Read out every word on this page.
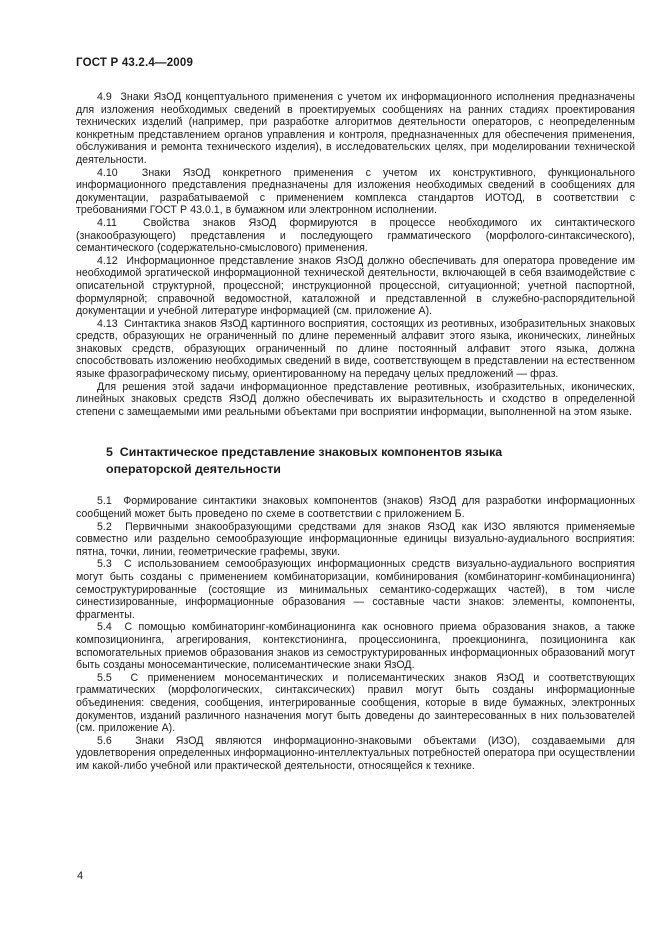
ГОСТ Р 43.2.4—2009

4.9  Знаки ЯзОД концептуального применения с учетом их информационного исполнения предназначены для изложения необходимых сведений в проектируемых сообщениях на ранних стадиях проектирования технических изделий (например, при разработке алгоритмов деятельности операторов, с неопределенным конкретным представлением органов управления и контроля, предназначенных для обеспечения применения, обслуживания и ремонта технического изделия), в исследовательских целях, при моделировании технической деятельности.

4.10  Знаки ЯзОД конкретного применения с учетом их конструктивного, функционального информационного представления предназначены для изложения необходимых сведений в сообщениях для документации, разрабатываемой с применением комплекса стандартов ИОТОД, в соответствии с требованиями ГОСТ Р 43.0.1, в бумажном или электронном исполнении.

4.11  Свойства знаков ЯзОД формируются в процессе необходимого их синтактического (знакообразующего) представления и последующего грамматического (морфолого-синтаксического), семантического (содержательно-смыслового) применения.

4.12  Информационное представление знаков ЯзОД должно обеспечивать для оператора проведение им необходимой эргатической информационной технической деятельности, включающей в себя взаимодействие с описательной структурной, процессной; инструкционной процессной, ситуационной; учетной паспортной, формулярной; справочной ведомостной, каталожной и представленной в служебно-распорядительной документации и учебной литературе информацией (см. приложение А).

4.13  Синтактика знаков ЯзОД картинного восприятия, состоящих из реотивных, изобразительных знаковых средств, образующих не ограниченный по длине переменный алфавит этого языка, иконических, линейных знаковых средств, образующих ограниченный по длине постоянный алфавит этого языка, должна способствовать изложению необходимых сведений в виде, соответствующем в представлении на естественном языке фразографическому письму, ориентированному на передачу целых предложений — фраз.

Для решения этой задачи информационное представление реотивных, изобразительных, иконических, линейных знаковых средств ЯзОД должно обеспечивать их выразительность и сходство в определенной степени с замещаемыми ими реальными объектами при восприятии информации, выполненной на этом языке.

5  Синтактическое представление знаковых компонентов языка операторской деятельности

5.1  Формирование синтактики знаковых компонентов (знаков) ЯзОД для разработки информационных сообщений может быть проведено по схеме в соответствии с приложением Б.

5.2  Первичными знакообразующими средствами для знаков ЯзОД как ИЗО являются применяемые совместно или раздельно семообразующие информационные единицы визуально-аудиального восприятия: пятна, точки, линии, геометрические графемы, звуки.

5.3  С использованием семообразующих информационных средств визуально-аудиального восприятия могут быть созданы с применением комбинаторизации, комбинирования (комбинаторинг-комбинационинга) семоструктурированные (состоящие из минимальных семантико-содержащих частей), в том числе синестизированные, информационные образования — составные части знаков: элементы, компоненты, фрагменты.

5.4  С помощью комбинаторинг-комбинационинга как основного приема образования знаков, а также композиционинга, агрегирования, контекстионинга, процессионинга, проекционинга, позиционинга как вспомогательных приемов образования знаков из семоструктурированных информационных образований могут быть созданы моносемантические, полисемантические знаки ЯзОД.

5.5  С применением моносемантических и полисемантических знаков ЯзОД и соответствующих грамматических (морфологических, синтаксических) правил могут быть созданы информационные объединения: сведения, сообщения, интегрированные сообщения, которые в виде бумажных, электронных документов, изданий различного назначения могут быть доведены до заинтересованных в них пользователей (см. приложение А).

5.6  Знаки ЯзОД являются информационно-знаковыми объектами (ИЗО), создаваемыми для удовлетворения определенных информационно-интеллектуальных потребностей оператора при осуществлении им какой-либо учебной или практической деятельности, относящейся к технике.

4
